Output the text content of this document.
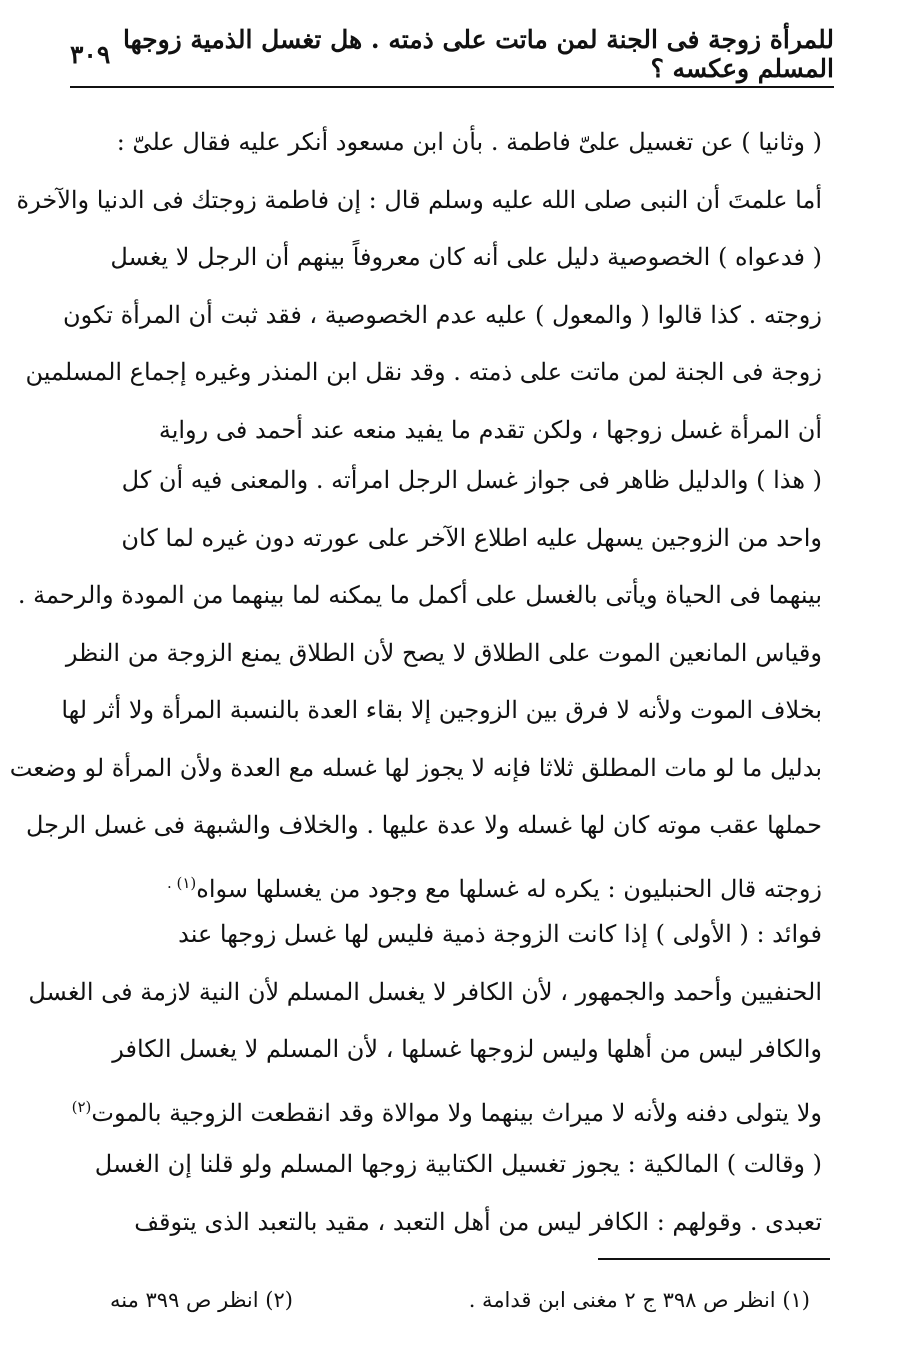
للمرأة زوجة فى الجنة لمن ماتت على ذمته . هل تغسل الذمية زوجها المسلم وعكسه ؟
٣٠٩
( وثانيا ) عن تغسيل علىّ فاطمة . بأن ابن مسعود أنكر عليه فقال علىّ :
أما علمتَ أن النبى صلى الله عليه وسلم قال : إن فاطمة زوجتك فى الدنيا والآخرة
( فدعواه ) الخصوصية دليل على أنه كان معروفاً بينهم أن الرجل لا يغسل
زوجته . كذا قالوا ( والمعول ) عليه عدم الخصوصية ، فقد ثبت أن المرأة تكون
زوجة فى الجنة لمن ماتت على ذمته . وقد نقل ابن المنذر وغيره إجماع المسلمين
أن المرأة غسل زوجها ، ولكن تقدم ما يفيد منعه عند أحمد فى رواية
( هذا ) والدليل ظاهر فى جواز غسل الرجل امرأته . والمعنى فيه أن كل
واحد من الزوجين يسهل عليه اطلاع الآخر على عورته دون غيره لما كان
بينهما فى الحياة ويأتى بالغسل على أكمل ما يمكنه لما بينهما من المودة والرحمة .
وقياس المانعين الموت على الطلاق لا يصح لأن الطلاق يمنع الزوجة من النظر
بخلاف الموت ولأنه لا فرق بين الزوجين إلا بقاء العدة بالنسبة المرأة ولا أثر لها
بدليل ما لو مات المطلق ثلاثا فإنه لا يجوز لها غسله مع العدة ولأن المرأة لو وضعت
حملها عقب موته كان لها غسله ولا عدة عليها . والخلاف والشبهة فى غسل الرجل
زوجته قال الحنبليون : يكره له غسلها مع وجود من يغسلها سواه$^{(١) .}$
فوائد : ( الأولى ) إذا كانت الزوجة ذمية فليس لها غسل زوجها عند
الحنفيين وأحمد والجمهور ، لأن الكافر لا يغسل المسلم لأن النية لازمة فى الغسل
والكافر ليس من أهلها وليس لزوجها غسلها ، لأن المسلم لا يغسل الكافر
ولا يتولى دفنه ولأنه لا ميراث بينهما ولا موالاة وقد انقطعت الزوجية بالموت$^{(٢)}$
( وقالت ) المالكية : يجوز تغسيل الكتابية زوجها المسلم ولو قلنا إن الغسل
تعبدى . وقولهم : الكافر ليس من أهل التعبد ، مقيد بالتعبد الذى يتوقف
(١) انظر ص ٣٩٨ ج ٢ مغنى ابن قدامة .
(٢) انظر ص ٣٩٩ منه
